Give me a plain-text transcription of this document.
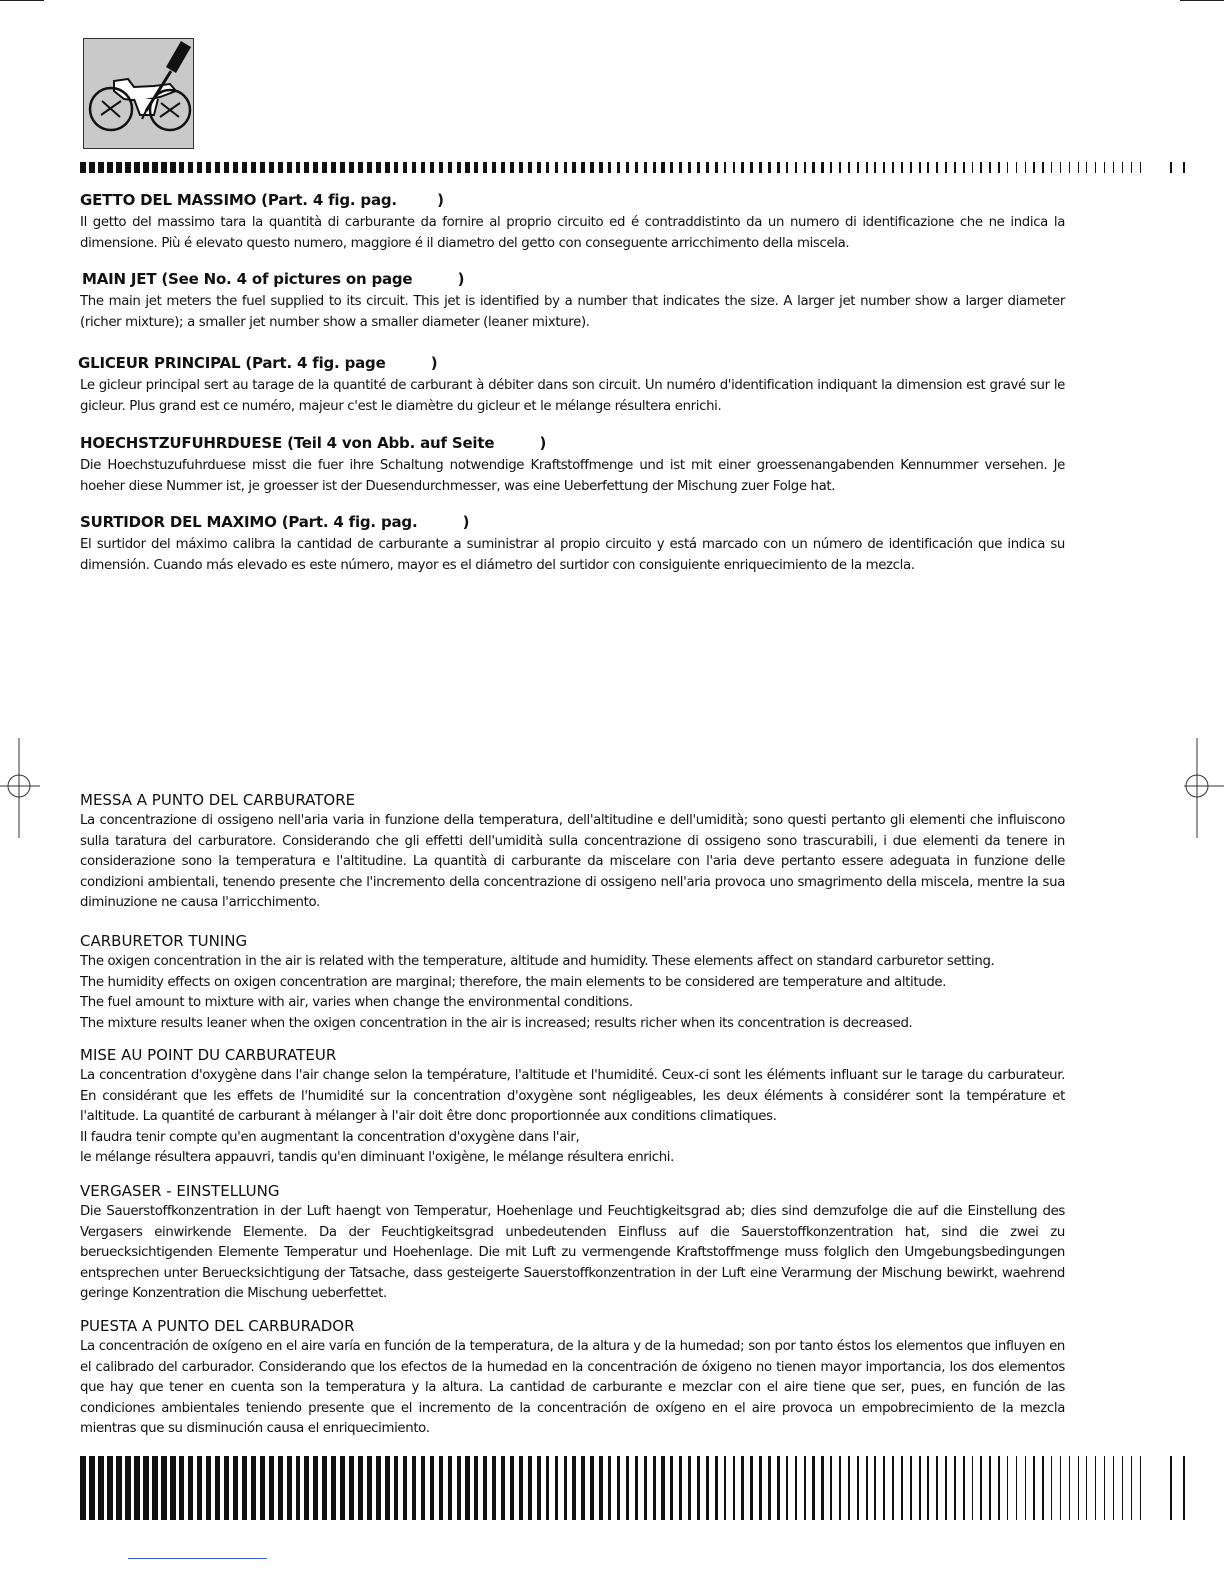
GETTO DEL MASSIMO (Part. 4 fig. pag.        )

Il getto del massimo tara la quantità di carburante da fornire al proprio circuito ed é contraddistinto da un numero di identificazione che ne indica la dimensione. Più é elevato questo numero, maggiore é il diametro del getto con conseguente arricchimento della miscela.

MAIN JET (See No. 4 of pictures on page         )

The main jet meters the fuel supplied to its circuit. This jet is identified by a number that indicates the size. A larger jet number show a larger diameter (richer mixture); a smaller jet number show a smaller diameter (leaner mixture).

GLICEUR PRINCIPAL (Part. 4 fig. page         )

Le gicleur principal sert au tarage de la quantité de carburant à débiter dans son circuit. Un numéro d'identification indiquant la dimension est gravé sur le gicleur. Plus grand est ce numéro, majeur c'est le diamètre du gicleur et le mélange résultera enrichi.

HOECHSTZUFUHRDUESE (Teil 4 von Abb. auf Seite         )

Die Hoechstuzufuhrduese misst die fuer ihre Schaltung notwendige Kraftstoffmenge und ist mit einer groessenangabenden Kennummer versehen. Je hoeher diese Nummer ist, je groesser ist der Duesendurchmesser, was eine Ueberfettung der Mischung zuer Folge hat.

SURTIDOR DEL MAXIMO (Part. 4 fig. pag.         )

El surtidor del máximo calibra la cantidad de carburante a suministrar al propio circuito y está marcado con un número de identificación que indica su dimensión. Cuando más elevado es este número, mayor es el diámetro del surtidor con consiguiente enriquecimiento de la mezcla.

MESSA A PUNTO DEL CARBURATORE

La concentrazione di ossigeno nell'aria varia in funzione della temperatura, dell'altitudine e dell'umidità; sono questi pertanto gli elementi che influiscono sulla taratura del carburatore. Considerando che gli effetti dell'umidità sulla concentrazione di ossigeno sono trascurabili, i due elementi da tenere in considerazione sono la temperatura e l'altitudine. La quantità di carburante da miscelare con l'aria deve pertanto essere adeguata in funzione delle condizioni ambientali, tenendo presente che l'incremento della concentrazione di ossigeno nell'aria provoca uno smagrimento della miscela, mentre la sua diminuzione ne causa l'arricchimento.

CARBURETOR TUNING
The oxigen concentration in the air is related with the temperature, altitude and humidity. These elements affect on standard carburetor setting.
The humidity effects on oxigen concentration are marginal; therefore, the main elements to be considered are temperature and altitude.
The fuel amount to mixture with air, varies when change the environmental conditions.
The mixture results leaner when the oxigen concentration in the air is increased; results richer when its concentration is decreased.
MISE AU POINT DU CARBURATEUR

La concentration d'oxygène dans l'air change selon la température, l'altitude et l'humidité. Ceux-ci sont les éléments influant sur le tarage du carburateur. En considérant que les effets de l'humidité sur la concentration d'oxygène sont négligeables, les deux éléments à considérer sont la température et l'altitude. La quantité de carburant à mélanger à l'air doit être donc proportionnée aux conditions climatiques.

Il faudra tenir compte qu'en augmentant la concentration d'oxygène dans l'air,
le mélange résultera appauvri, tandis qu'en diminuant l'oxigène, le mélange résultera enrichi.
VERGASER - EINSTELLUNG

Die Sauerstoffkonzentration in der Luft haengt von Temperatur, Hoehenlage und Feuchtigkeitsgrad ab; dies sind demzufolge die auf die Einstellung des Vergasers einwirkende Elemente. Da der Feuchtigkeitsgrad unbedeutenden Einfluss auf die Sauerstoffkonzentration hat, sind die zwei zu beruecksichtigenden Elemente Temperatur und Hoehenlage. Die mit Luft zu vermengende Kraftstoffmenge muss folglich den Umgebungsbedingungen entsprechen unter Beruecksichtigung der Tatsache, dass gesteigerte Sauerstoffkonzentration in der Luft eine Verarmung der Mischung bewirkt, waehrend geringe Konzentration die Mischung ueberfettet.

PUESTA A PUNTO DEL CARBURADOR

La concentración de oxígeno en el aire varía en función de la temperatura, de la altura y de la humedad; son por tanto éstos los elementos que influyen en el calibrado del carburador. Considerando que los efectos de la humedad en la concentración de óxigeno no tienen mayor importancia, los dos elementos que hay que tener en cuenta son la temperatura y la altura. La cantidad de carburante e mezclar con el aire tiene que ser, pues, en función de las condiciones ambientales teniendo presente que el incremento de la concentración de oxígeno en el aire provoca un empobrecimiento de la mezcla mientras que su disminución causa el enriquecimiento.
